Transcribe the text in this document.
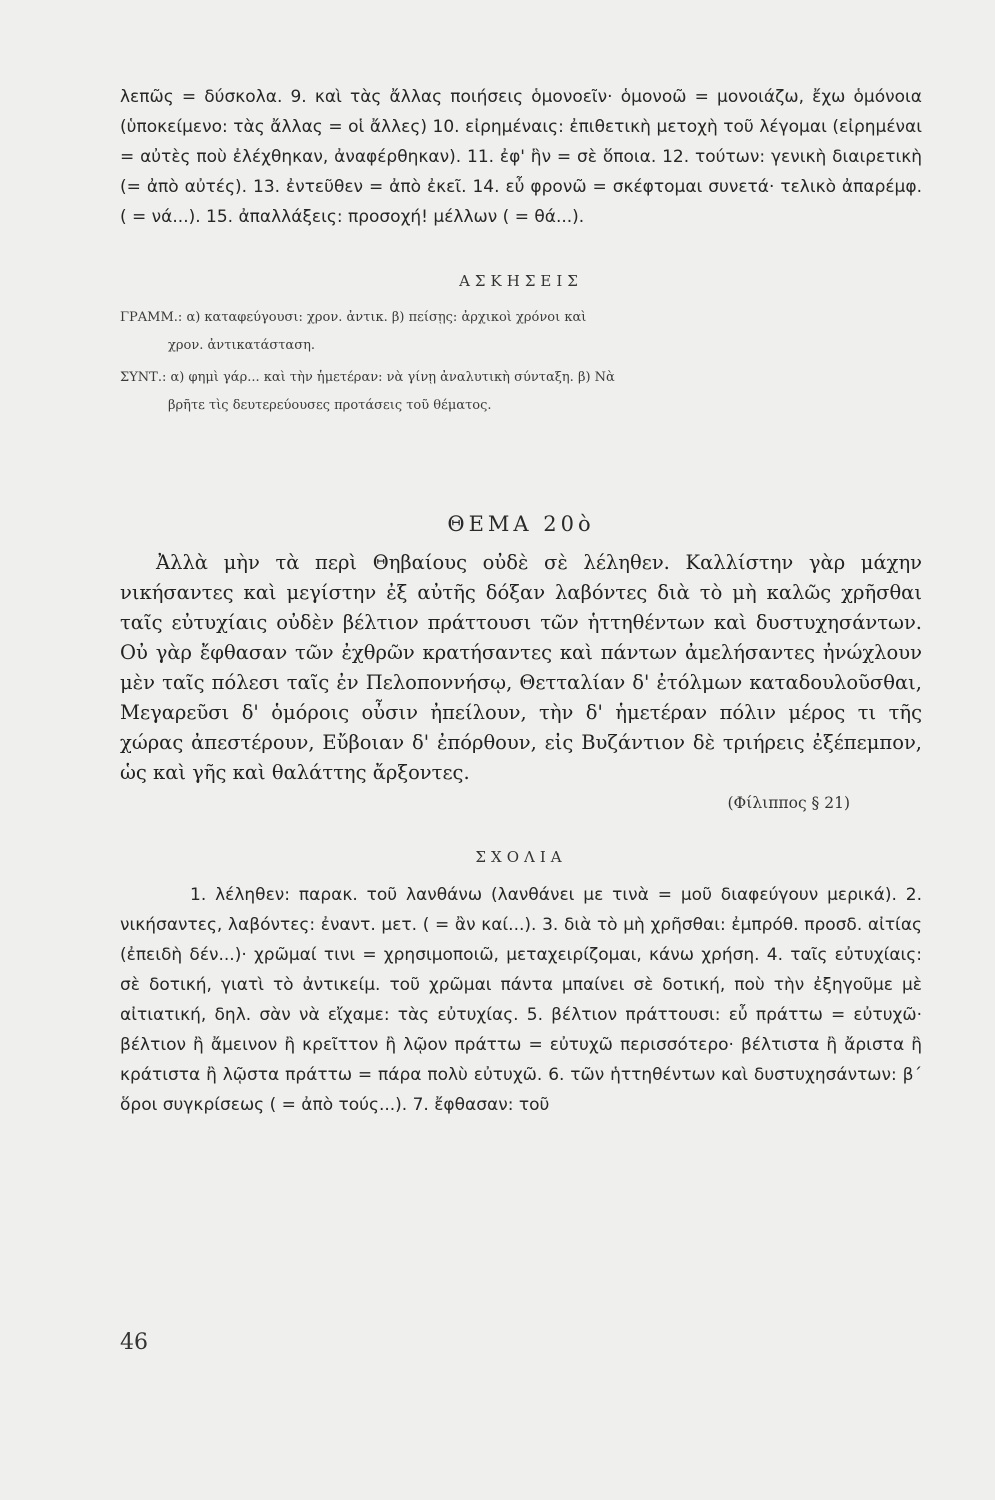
λεπῶς = δύσκολα. 9. καὶ τὰς ἄλλας ποιήσεις ὁμονοεῖν· ὁμονοῶ = μονοιάζω, ἔχω ὁμόνοια (ὑποκείμενο: τὰς ἄλλας = οἱ ἄλλες) 10. εἰρημέναις: ἐπιθετικὴ μετοχὴ τοῦ λέγομαι (εἰρημέναι = αὐτὲς ποὺ ἐλέχθηκαν, ἀναφέρθηκαν). 11. ἐφ' ἣν = σὲ ὅποια. 12. τούτων: γενικὴ διαιρετικὴ (= ἀπὸ αὐτές). 13. ἐντεῦθεν = ἀπὸ ἐκεῖ. 14. εὖ φρονῶ = σκέφτομαι συνετά· τελικὸ ἀπαρέμφ. ( = νά...). 15. ἀπαλλάξεις: προσοχή! μέλλων ( = θά...).

ΑΣΚΗΣΕΙΣ

ΓΡΑΜΜ.: α) καταφεύγουσι: χρον. ἀντικ. β) πείσῃς: ἀρχικοὶ χρόνοι καὶ

χρον. ἀντικατάσταση.

ΣΥΝΤ.: α) φημὶ γάρ... καὶ τὴν ἡμετέραν: νὰ γίνῃ ἀναλυτικὴ σύνταξη. β) Νὰ

βρῆτε τὶς δευτερεύουσες προτάσεις τοῦ θέματος.

ΘΕΜΑ 20ὸ

Ἀλλὰ μὴν τὰ περὶ Θηβαίους οὐδὲ σὲ λέληθεν. Καλλίστην γὰρ μάχην νικήσαντες καὶ μεγίστην ἐξ αὐτῆς δόξαν λαβόντες διὰ τὸ μὴ καλῶς χρῆσθαι ταῖς εὐτυχίαις οὐδὲν βέλτιον πράττουσι τῶν ἡττηθέντων καὶ δυστυχησάντων. Οὐ γὰρ ἔφθασαν τῶν ἐχθρῶν κρατήσαντες καὶ πάντων ἀμελήσαντες ἠνώχλουν μὲν ταῖς πόλεσι ταῖς ἐν Πελοποννήσῳ, Θετταλίαν δ' ἐτόλμων καταδουλοῦσθαι, Μεγαρεῦσι δ' ὁμόροις οὖσιν ἠπείλουν, τὴν δ' ἡμετέραν πόλιν μέρος τι τῆς χώρας ἀπεστέρουν, Εὔβοιαν δ' ἐπόρθουν, εἰς Βυζάντιον δὲ τριήρεις ἐξέπεμπον, ὡς καὶ γῆς καὶ θαλάττης ἄρξοντες.

(Φίλιππος § 21)

ΣΧΟΛΙΑ

1. λέληθεν: παρακ. τοῦ λανθάνω (λανθάνει με τινὰ = μοῦ διαφεύγουν μερικά). 2. νικήσαντες, λαβόντες: ἐναντ. μετ. ( = ἂν καί...). 3. διὰ τὸ μὴ χρῆσθαι: ἐμπρόθ. προσδ. αἰτίας (ἐπειδὴ δέν...)· χρῶμαί τινι = χρησιμοποιῶ, μεταχειρίζομαι, κάνω χρήση. 4. ταῖς εὐτυχίαις: σὲ δοτική, γιατὶ τὸ ἀντικείμ. τοῦ χρῶμαι πάντα μπαίνει σὲ δοτική, ποὺ τὴν ἐξηγοῦμε μὲ αἰτιατική, δηλ. σὰν νὰ εἴχαμε: τὰς εὐτυχίας. 5. βέλτιον πράττουσι: εὖ πράττω = εὐτυχῶ· βέλτιον ἢ ἄμεινον ἢ κρεῖττον ἢ λῷον πράττω = εὐτυχῶ περισσότερο· βέλτιστα ἢ ἄριστα ἢ κράτιστα ἢ λῷστα πράττω = πάρα πολὺ εὐτυχῶ. 6. τῶν ἡττηθέντων καὶ δυστυχησάντων: β΄ ὅροι συγκρίσεως ( = ἀπὸ τούς...). 7. ἔφθασαν: τοῦ

46
